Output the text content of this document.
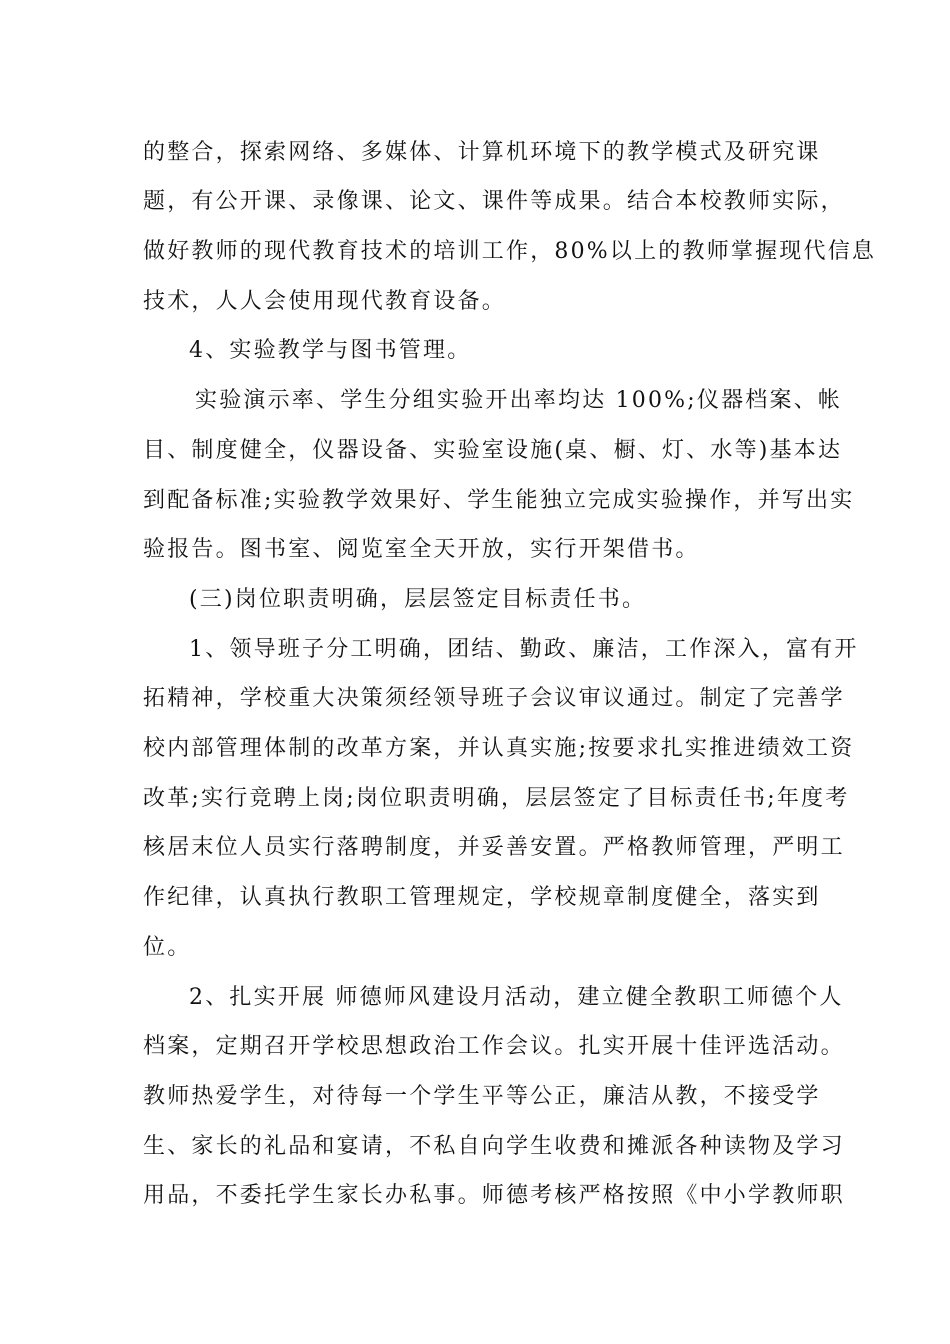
的整合，探索网络、多媒体、计算机环境下的教学模式及研究课
题，有公开课、录像课、论文、课件等成果。结合本校教师实际，
做好教师的现代教育技术的培训工作，80%以上的教师掌握现代信息
技术，人人会使用现代教育设备。
4、实验教学与图书管理。
实验演示率、学生分组实验开出率均达 100%;仪器档案、帐
目、制度健全，仪器设备、实验室设施(桌、橱、灯、水等)基本达
到配备标准;实验教学效果好、学生能独立完成实验操作，并写出实
验报告。图书室、阅览室全天开放，实行开架借书。
(三)岗位职责明确，层层签定目标责任书。
1、领导班子分工明确，团结、勤政、廉洁，工作深入，富有开
拓精神，学校重大决策须经领导班子会议审议通过。制定了完善学
校内部管理体制的改革方案，并认真实施;按要求扎实推进绩效工资
改革;实行竞聘上岗;岗位职责明确，层层签定了目标责任书;年度考
核居末位人员实行落聘制度，并妥善安置。严格教师管理，严明工
作纪律，认真执行教职工管理规定，学校规章制度健全，落实到
位。
2、扎实开展 师德师风建设月活动，建立健全教职工师德个人
档案，定期召开学校思想政治工作会议。扎实开展十佳评选活动。
教师热爱学生，对待每一个学生平等公正，廉洁从教，不接受学
生、家长的礼品和宴请，不私自向学生收费和摊派各种读物及学习
用品，不委托学生家长办私事。师德考核严格按照《中小学教师职
